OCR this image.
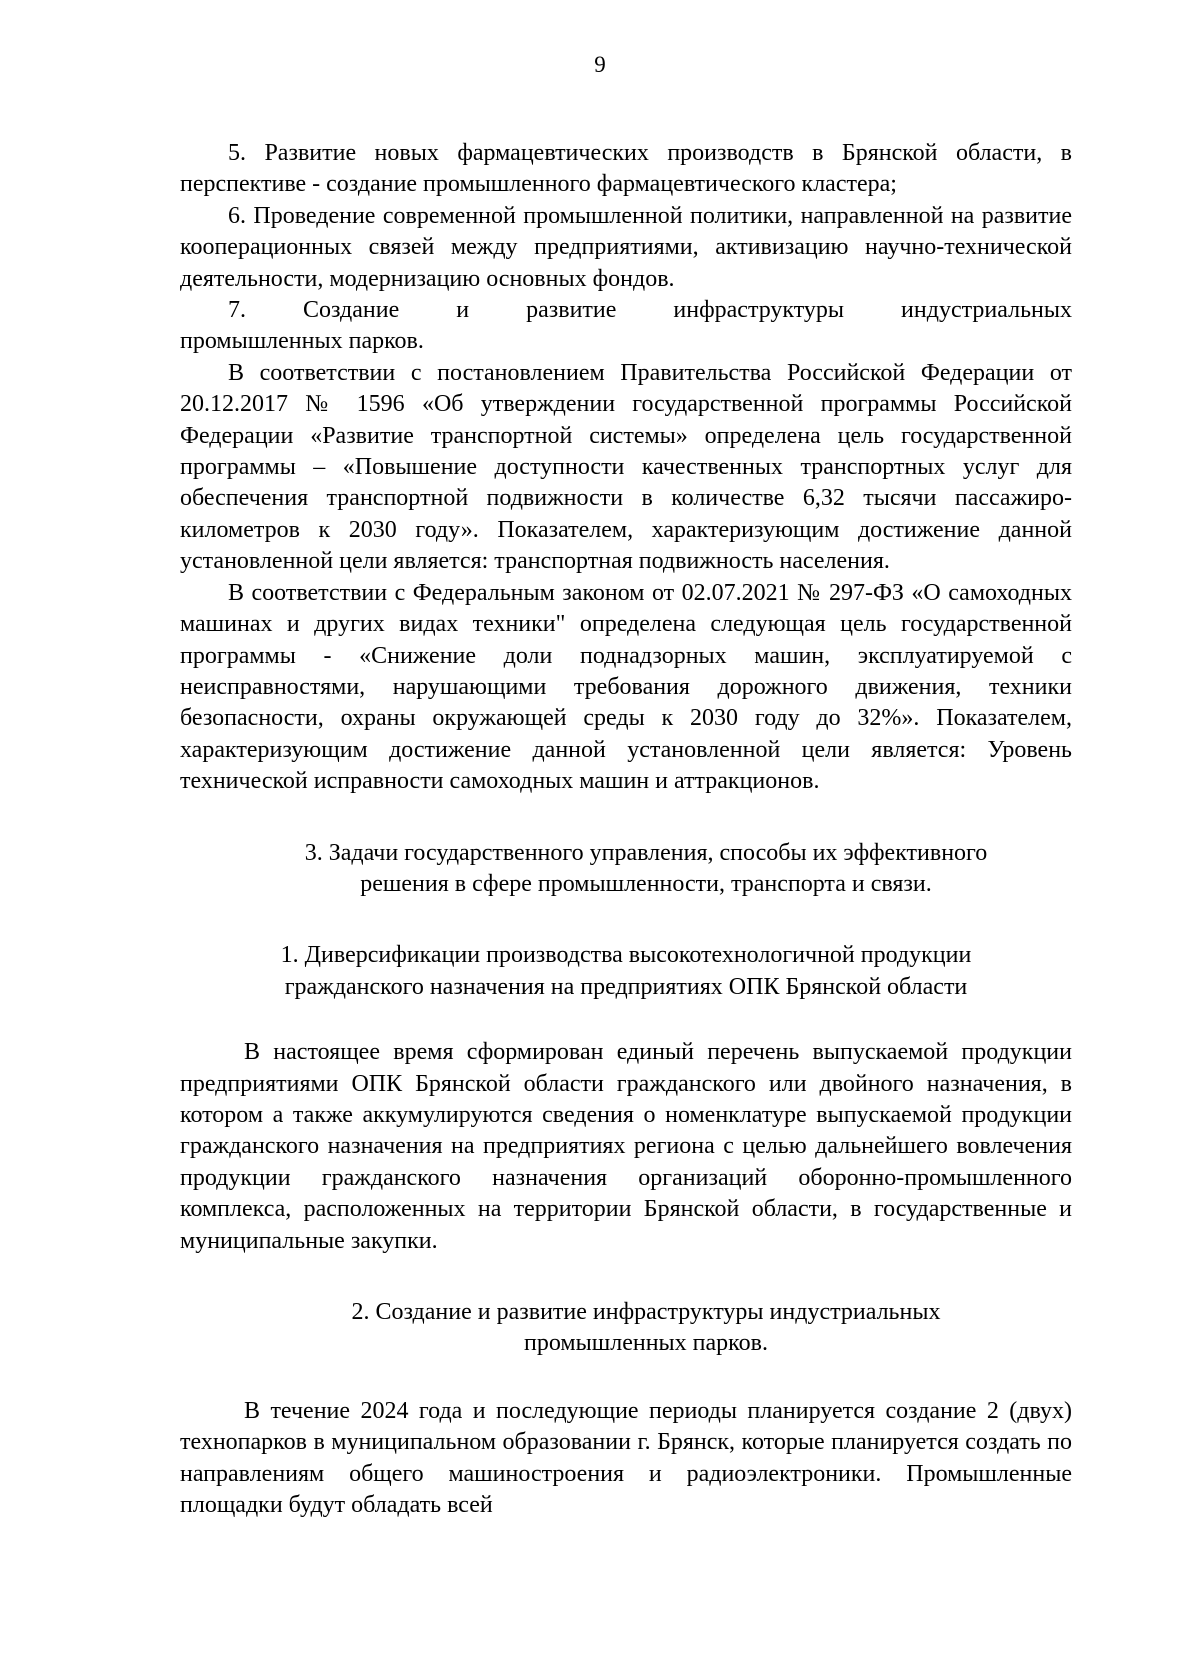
9

5. Развитие новых фармацевтических производств в Брянской области, в перспективе - создание промышленного фармацевтического кластера;

6. Проведение современной промышленной политики, направленной на развитие кооперационных связей между предприятиями, активизацию научно-технической деятельности, модернизацию основных фондов.

7. Создание и развитие инфраструктуры индустриальных

промышленных парков.

В соответствии с постановлением Правительства Российской Федерации от 20.12.2017 № 1596 «Об утверждении государственной программы Российской Федерации «Развитие транспортной системы» определена цель государственной программы – «Повышение доступности качественных транспортных услуг для обеспечения транспортной подвижности в количестве 6,32 тысячи пассажиро-километров к 2030 году». Показателем, характеризующим достижение данной установленной цели является: транспортная подвижность населения.

В соответствии с Федеральным законом от 02.07.2021 № 297-ФЗ «О самоходных машинах и других видах техники" определена следующая цель государственной программы - «Снижение доли поднадзорных машин, эксплуатируемой с неисправностями, нарушающими требования дорожного движения, техники безопасности, охраны окружающей среды к 2030 году до 32%». Показателем, характеризующим достижение данной установленной цели является: Уровень технической исправности самоходных машин и аттракционов.

3. Задачи государственного управления, способы их эффективного

решения в сфере промышленности, транспорта и связи.

1. Диверсификации производства высокотехнологичной продукции

гражданского назначения на предприятиях ОПК Брянской области

В настоящее время сформирован единый перечень выпускаемой продукции предприятиями ОПК Брянской области гражданского или двойного назначения, в котором а также аккумулируются сведения о номенклатуре выпускаемой продукции гражданского назначения на предприятиях региона с целью дальнейшего вовлечения продукции гражданского назначения организаций оборонно-промышленного комплекса, расположенных на территории Брянской области, в государственные и муниципальные закупки.

2. Создание и развитие инфраструктуры индустриальных

промышленных парков.

В течение 2024 года и последующие периоды планируется создание 2 (двух) технопарков в муниципальном образовании г. Брянск, которые планируется создать по направлениям общего машиностроения и радиоэлектроники. Промышленные площадки будут обладать всей
